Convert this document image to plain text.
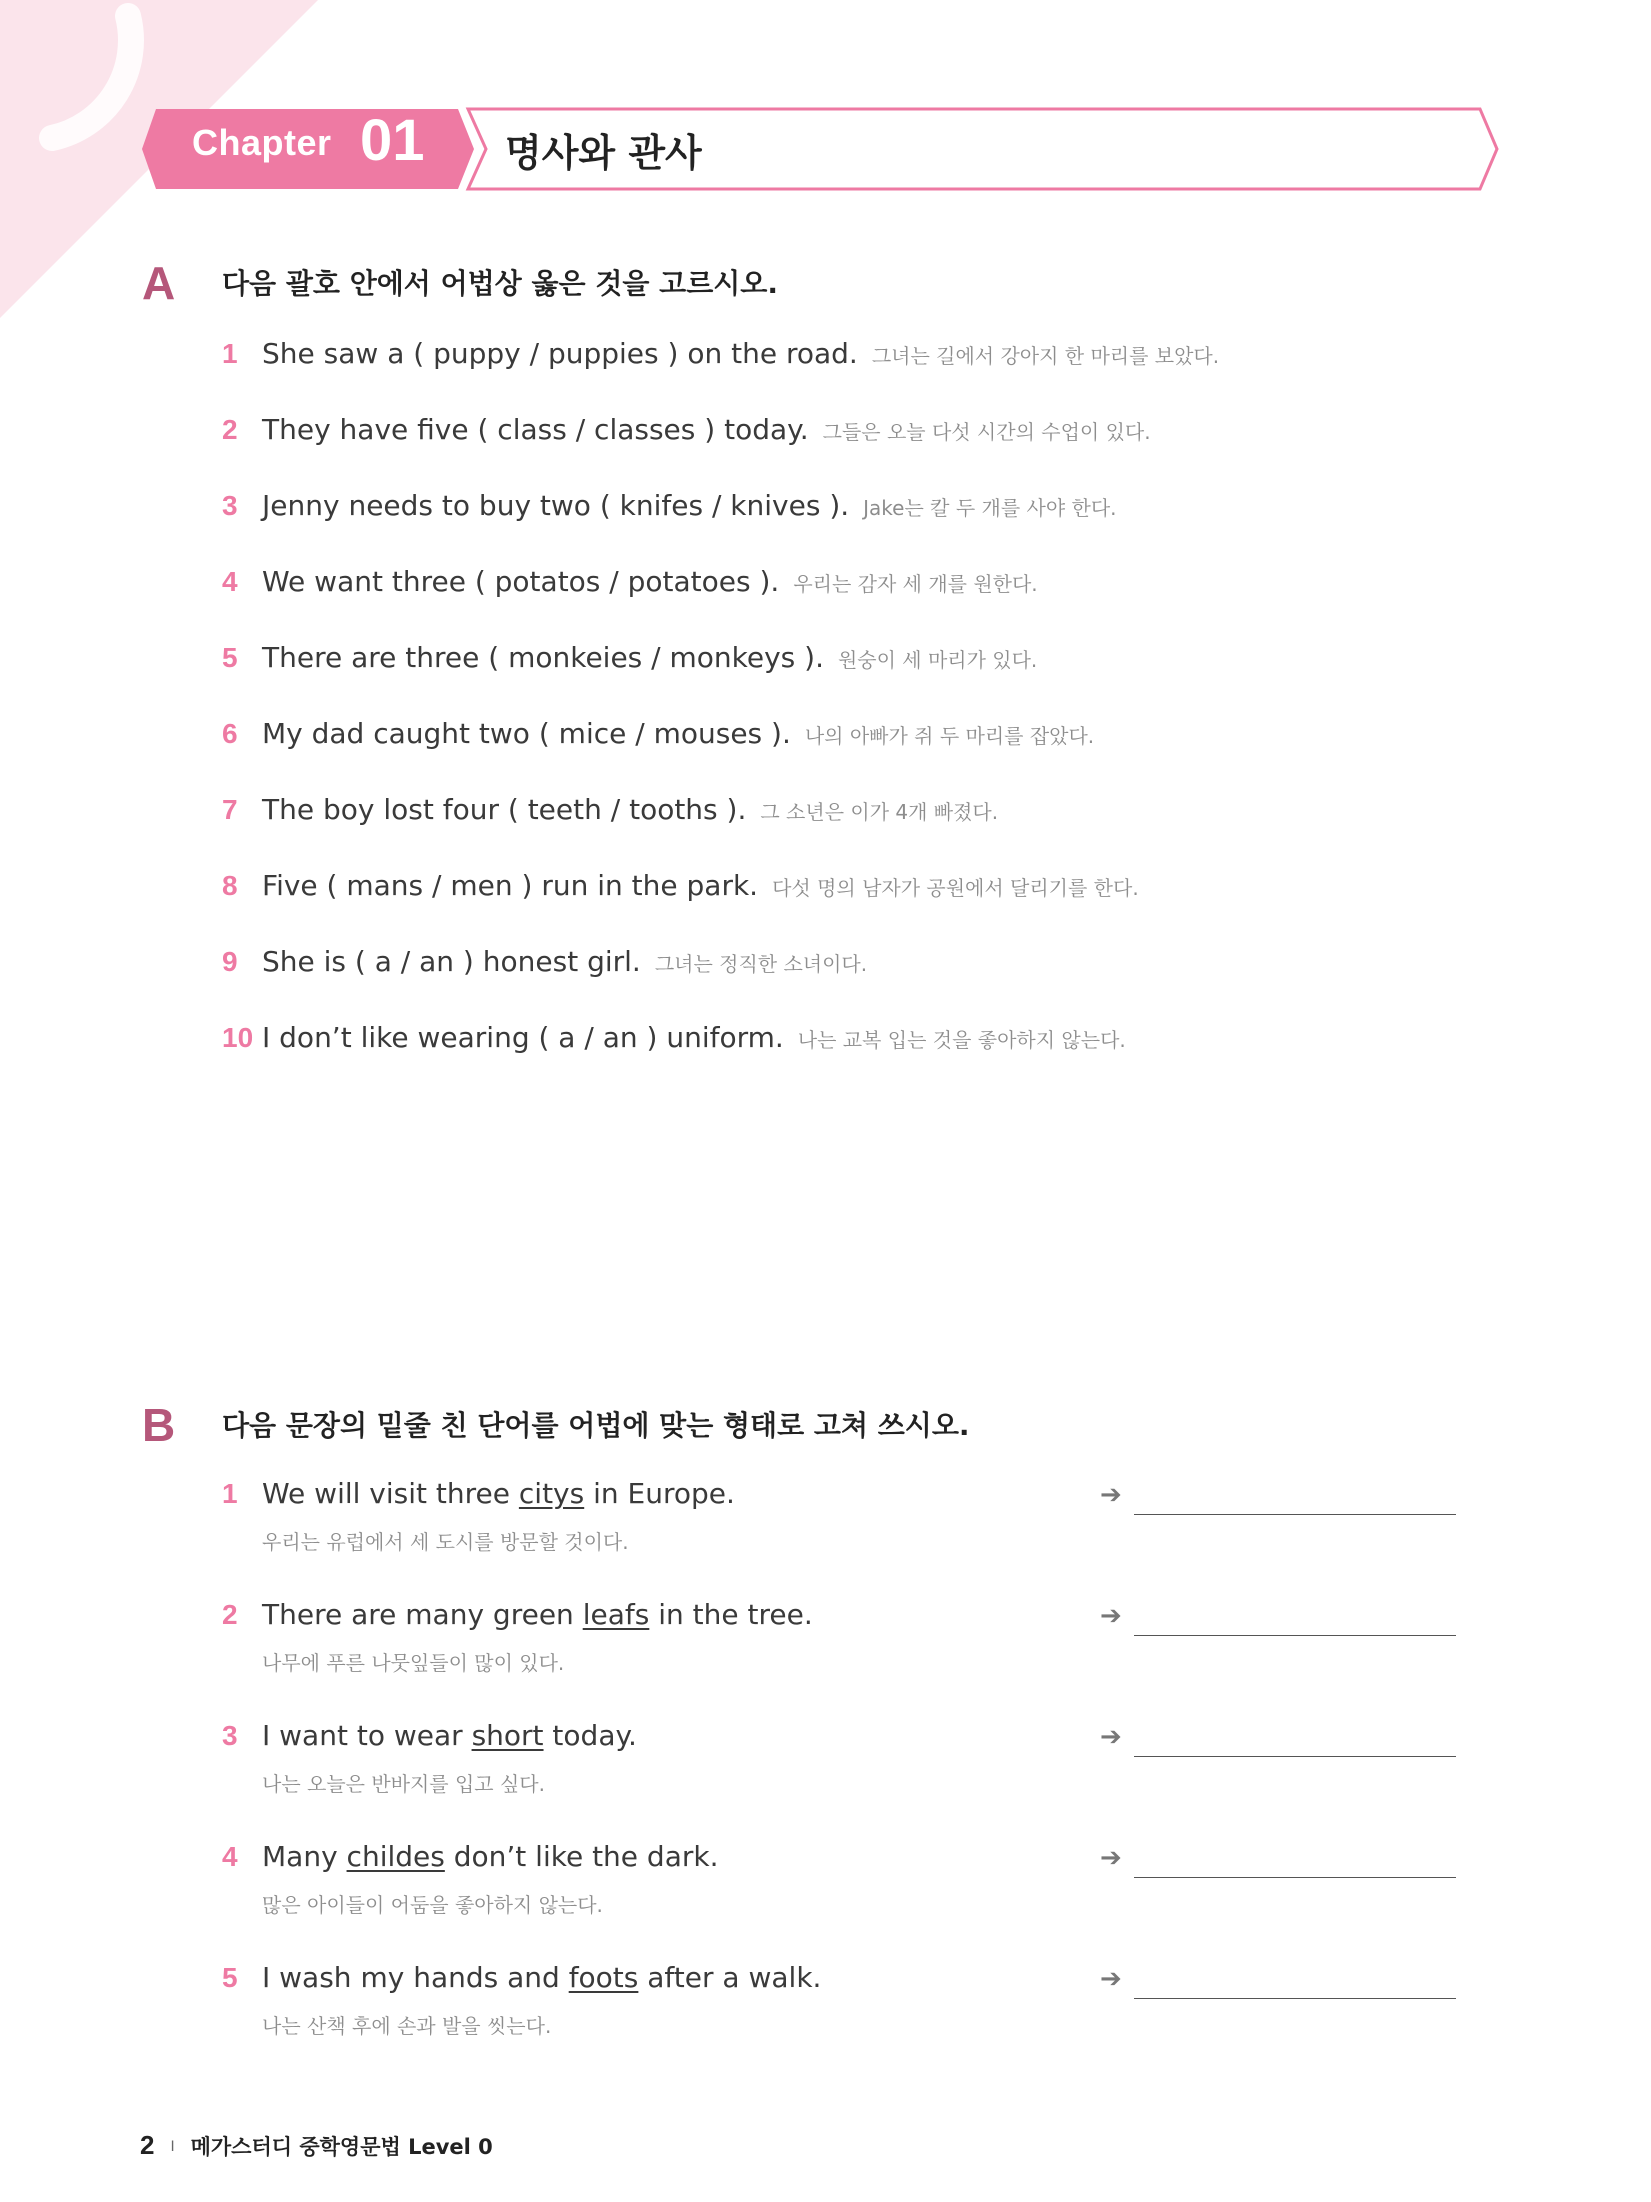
Chapter 01 명사와 관사
A 다음 괄호 안에서 어법상 옳은 것을 고르시오.
1 She saw a ( puppy / puppies ) on the road. 그녀는 길에서 강아지 한 마리를 보았다.
2 They have five ( class / classes ) today. 그들은 오늘 다섯 시간의 수업이 있다.
3 Jenny needs to buy two ( knifes / knives ). Jake는 칼 두 개를 사야 한다.
4 We want three ( potatos / potatoes ). 우리는 감자 세 개를 원한다.
5 There are three ( monkeies / monkeys ). 원숭이 세 마리가 있다.
6 My dad caught two ( mice / mouses ). 나의 아빠가 쥐 두 마리를 잡았다.
7 The boy lost four ( teeth / tooths ). 그 소년은 이가 4개 빠졌다.
8 Five ( mans / men ) run in the park. 다섯 명의 남자가 공원에서 달리기를 한다.
9 She is ( a / an ) honest girl. 그녀는 정직한 소녀이다.
10 I don’t like wearing ( a / an ) uniform. 나는 교복 입는 것을 좋아하지 않는다.
B 다음 문장의 밑줄 친 단어를 어법에 맞는 형태로 고쳐 쓰시오.
1 We will visit three citys in Europe.
우리는 유럽에서 세 도시를 방문할 것이다.
➔
2 There are many green leafs in the tree.
나무에 푸른 나뭇잎들이 많이 있다.
➔
3 I want to wear short today.
나는 오늘은 반바지를 입고 싶다.
➔
4 Many childes don’t like the dark.
많은 아이들이 어둠을 좋아하지 않는다.
➔
5 I wash my hands and foots after a walk.
나는 산책 후에 손과 발을 씻는다.
➔
2 I 메가스터디 중학영문법 Level 0
